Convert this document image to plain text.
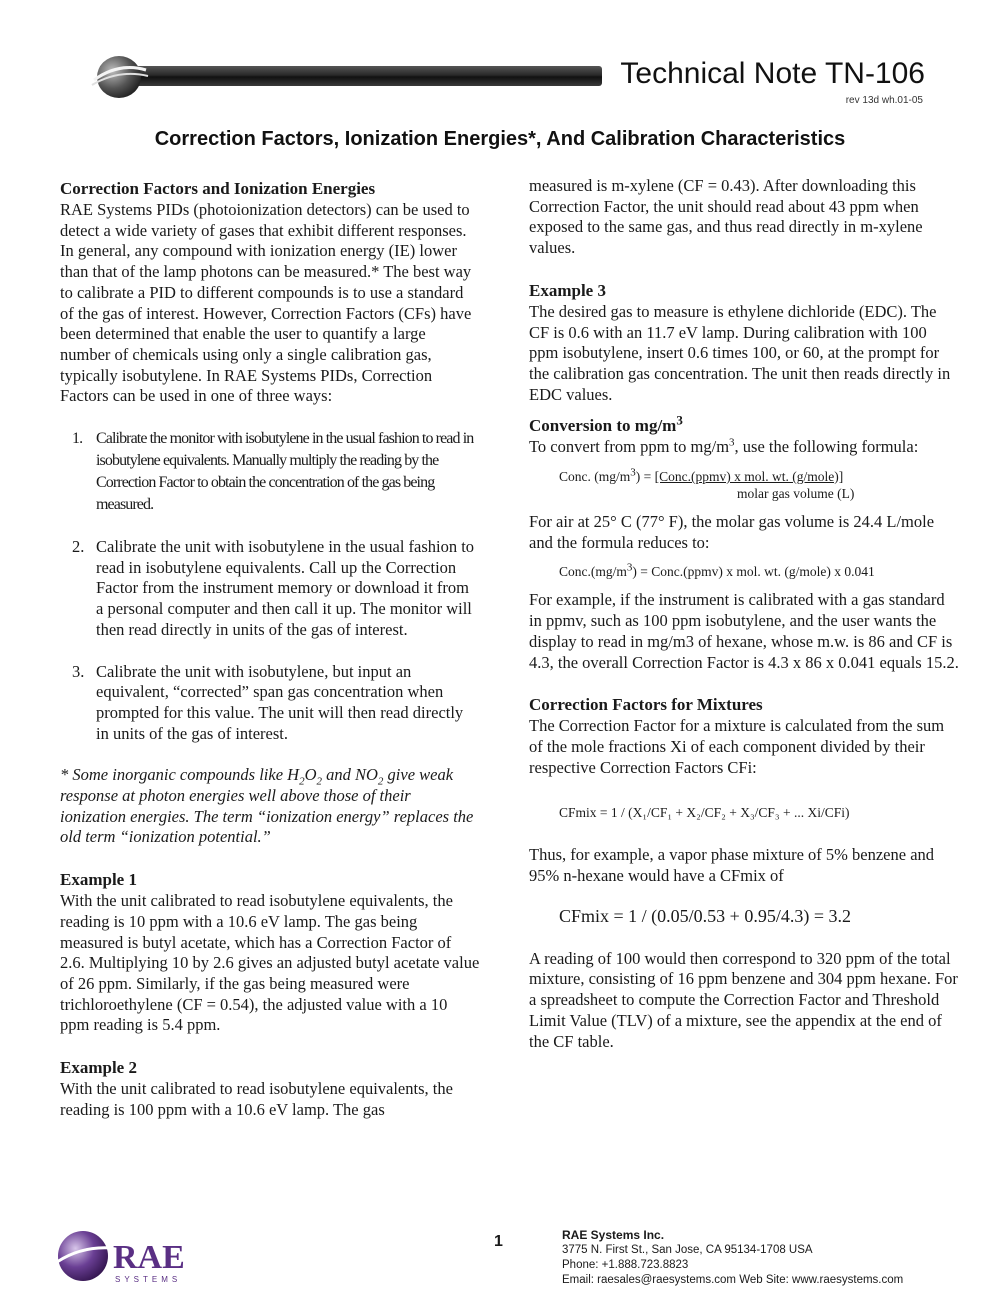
Technical Note TN-106
rev 13d wh.01-05
Correction Factors, Ionization Energies*, And Calibration Characteristics

Correction Factors and Ionization Energies

RAE Systems PIDs (photoionization detectors) can be used to detect a wide variety of gases that exhibit different responses. In general, any compound with ionization energy (IE) lower than that of the lamp photons can be measured.* The best way to calibrate a PID to different compounds is to use a standard of the gas of interest. However, Correction Factors (CFs) have been determined that enable the user to quantify a large number of chemicals using only a single calibration gas, typically isobutylene. In RAE Systems PIDs, Correction Factors can be used in one of three ways:

1. Calibrate the monitor with isobutylene in the usual fashion to read in isobutylene equivalents. Manually multiply the reading by the Correction Factor to obtain the concentration of the gas being measured.
2. Calibrate the unit with isobutylene in the usual fashion to read in isobutylene equivalents. Call up the Correction Factor from the instrument memory or download it from a personal computer and then call it up. The monitor will then read directly in units of the gas of interest.
3. Calibrate the unit with isobutylene, but input an equivalent, “corrected” span gas concentration when prompted for this value. The unit will then read directly in units of the gas of interest.

* Some inorganic compounds like $H_2O_2$ and $NO_2$ give weak response at photon energies well above those of their ionization energies. The term “ionization energy” replaces the old term “ionization potential.”

Example 1

With the unit calibrated to read isobutylene equivalents, the reading is 10 ppm with a 10.6 eV lamp. The gas being measured is butyl acetate, which has a Correction Factor of 2.6. Multiplying 10 by 2.6 gives an adjusted butyl acetate value of 26 ppm. Similarly, if the gas being measured were trichloroethylene (CF = 0.54), the adjusted value with a 10 ppm reading is 5.4 ppm.

Example 2

With the unit calibrated to read isobutylene equivalents, the reading is 100 ppm with a 10.6 eV lamp. The gas

measured is m-xylene (CF = 0.43). After downloading this Correction Factor, the unit should read about 43 ppm when exposed to the same gas, and thus read directly in m-xylene values.

Example 3

The desired gas to measure is ethylene dichloride (EDC). The CF is 0.6 with an 11.7 eV lamp. During calibration with 100 ppm isobutylene, insert 0.6 times 100, or 60, at the prompt for the calibration gas concentration. The unit then reads directly in EDC values.

Conversion to $mg/m^3$

To convert from ppm to $mg/m^3$, use the following formula:

Conc. $(mg/m^3)$ = [Conc.(ppmv) x mol. wt. (g/mole)]
molar gas volume (L)

For air at 25° C (77° F), the molar gas volume is 24.4 L/mole and the formula reduces to:

$Conc.(mg/m^3)$ = Conc.(ppmv) x mol. wt. (g/mole) x 0.041

For example, if the instrument is calibrated with a gas standard in ppmv, such as 100 ppm isobutylene, and the user wants the display to read in mg/m3 of hexane, whose m.w. is 86 and CF is 4.3, the overall Correction Factor is 4.3 x 86 x 0.041 equals 15.2.

Correction Factors for Mixtures

The Correction Factor for a mixture is calculated from the sum of the mole fractions Xi of each component divided by their respective Correction Factors CFi:

CFmix = 1 / (X₁/CF₁ + X₂/CF₂ + X₃/CF₃ + ... Xi/CFi)

Thus, for example, a vapor phase mixture of 5% benzene and 95% n-hexane would have a CFmix of

CFmix = 1 / (0.05/0.53 + 0.95/4.3) = 3.2

A reading of 100 would then correspond to 320 ppm of the total mixture, consisting of 16 ppm benzene and 304 ppm hexane. For a spreadsheet to compute the Correction Factor and Threshold Limit Value (TLV) of a mixture, see the appendix at the end of the CF table.

RAE
SYSTEMS
1	RAE Systems Inc.
3775 N. First St., San Jose, CA 95134-1708 USA
Phone: +1.888.723.8823
Email: raesales@raesystems.com Web Site: www.raesystems.com
